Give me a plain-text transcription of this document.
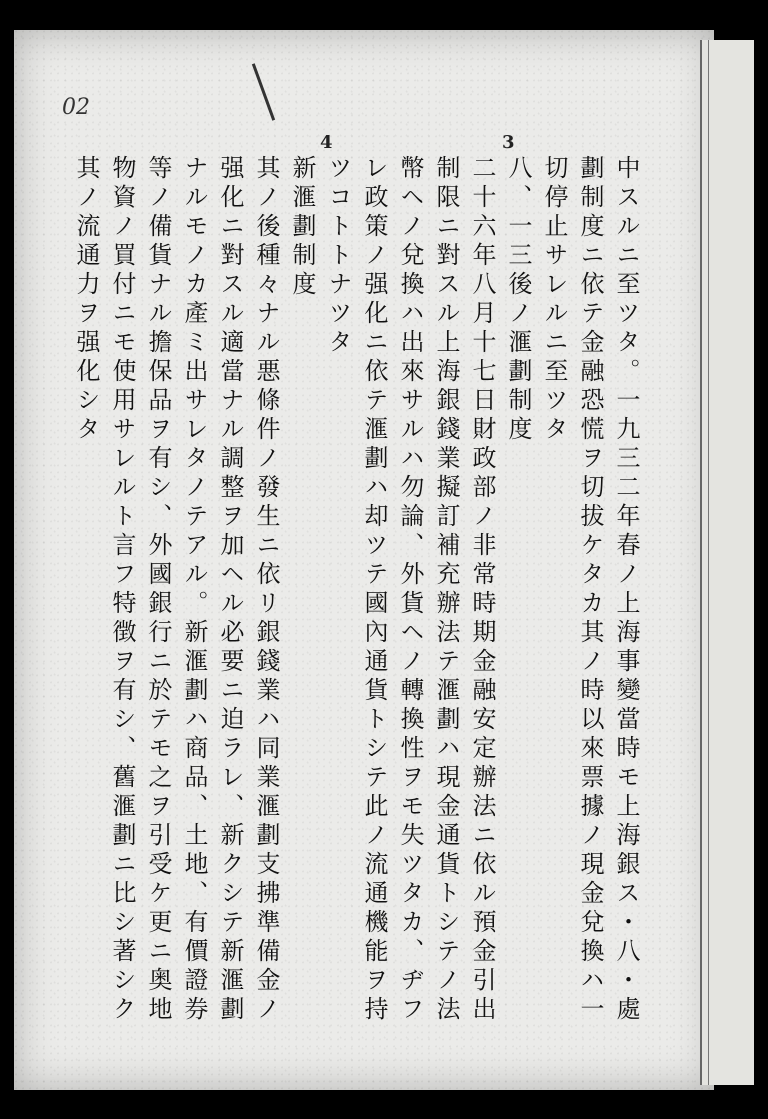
02
3
4
中スルニ至ツタ。一九三二年春ノ上海事變當時モ上海銀ス・八・處
劃制度ニ依テ金融恐慌ヲ切拔ケタカ其ノ時以來票據ノ現金兌換ハ一
切停止サレルニ至ツタ
八、一三後ノ滙劃制度
二十六年八月十七日財政部ノ非常時期金融安定辦法ニ依ル預金引出
制限ニ對スル上海銀錢業擬訂補充辦法テ滙劃ハ現金通貨トシテノ法
幣ヘノ兌換ハ出來サルハ勿論、外貨ヘノ轉換性ヲモ失ツタカ、ヂフ
レ政策ノ强化ニ依テ滙劃ハ却ツテ國內通貨トシテ此ノ流通機能ヲ持
ツコトトナツタ
新滙劃制度
其ノ後種々ナル悪條件ノ發生ニ依リ銀錢業ハ同業滙劃支拂準備金ノ
强化ニ對スル適當ナル調整ヲ加ヘル必要ニ迫ラレ、新クシテ新滙劃
ナルモノカ產ミ出サレタノテアル。新滙劃ハ商品、土地、有價證券
等ノ備貨ナル擔保品ヲ有シ、外國銀行ニ於テモ之ヲ引受ケ更ニ奥地
物資ノ買付ニモ使用サレルト言フ特徴ヲ有シ、舊滙劃ニ比シ著シク
其ノ流通力ヲ强化シタ
